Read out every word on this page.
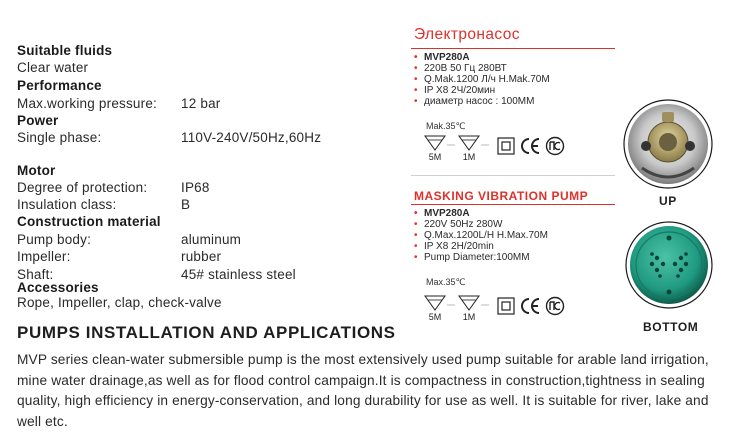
Suitable fluids
Clear water
Performance
Max.working pressure: 12 bar
Power
Single phase:	110V-240V/50Hz,60Hz
Motor
Degree of protection: IP68
Insulation class:	B
Construction material
Pump body:	aluminum
Impeller:	rubber
Shaft:	45# stainless steel
Accessories
Rope, Impeller, clap, check-valve
PUMPS INSTALLATION AND APPLICATIONS
MVP series clean-water submersible pump is the most extensively used pump suitable for arable land irrigation, mine water drainage,as well as for flood control campaign.It is compactness in construction,tightness in sealing quality, high efficiency in energy-conservation, and long durability for use as well. It is suitable for river, lake and well etc.
Электронасос
• MVP280A
• 220В 50 Гц 280ВТ
• Q.Mak.1200 Л/ч H.Mak.70M
• IP X8 2Ч/20мин
• диаметр насос : 100MM
Mak.35℃
5M	1M
MASKING VIBRATION PUMP
• MVP280A
• 220V 50Hz 280W
• Q.Max.1200L/H H.Max.70M
• IP X8 2H/20min
• Pump Diameter:100MM
Max.35℃
5M	1M
UP
BOTTOM
